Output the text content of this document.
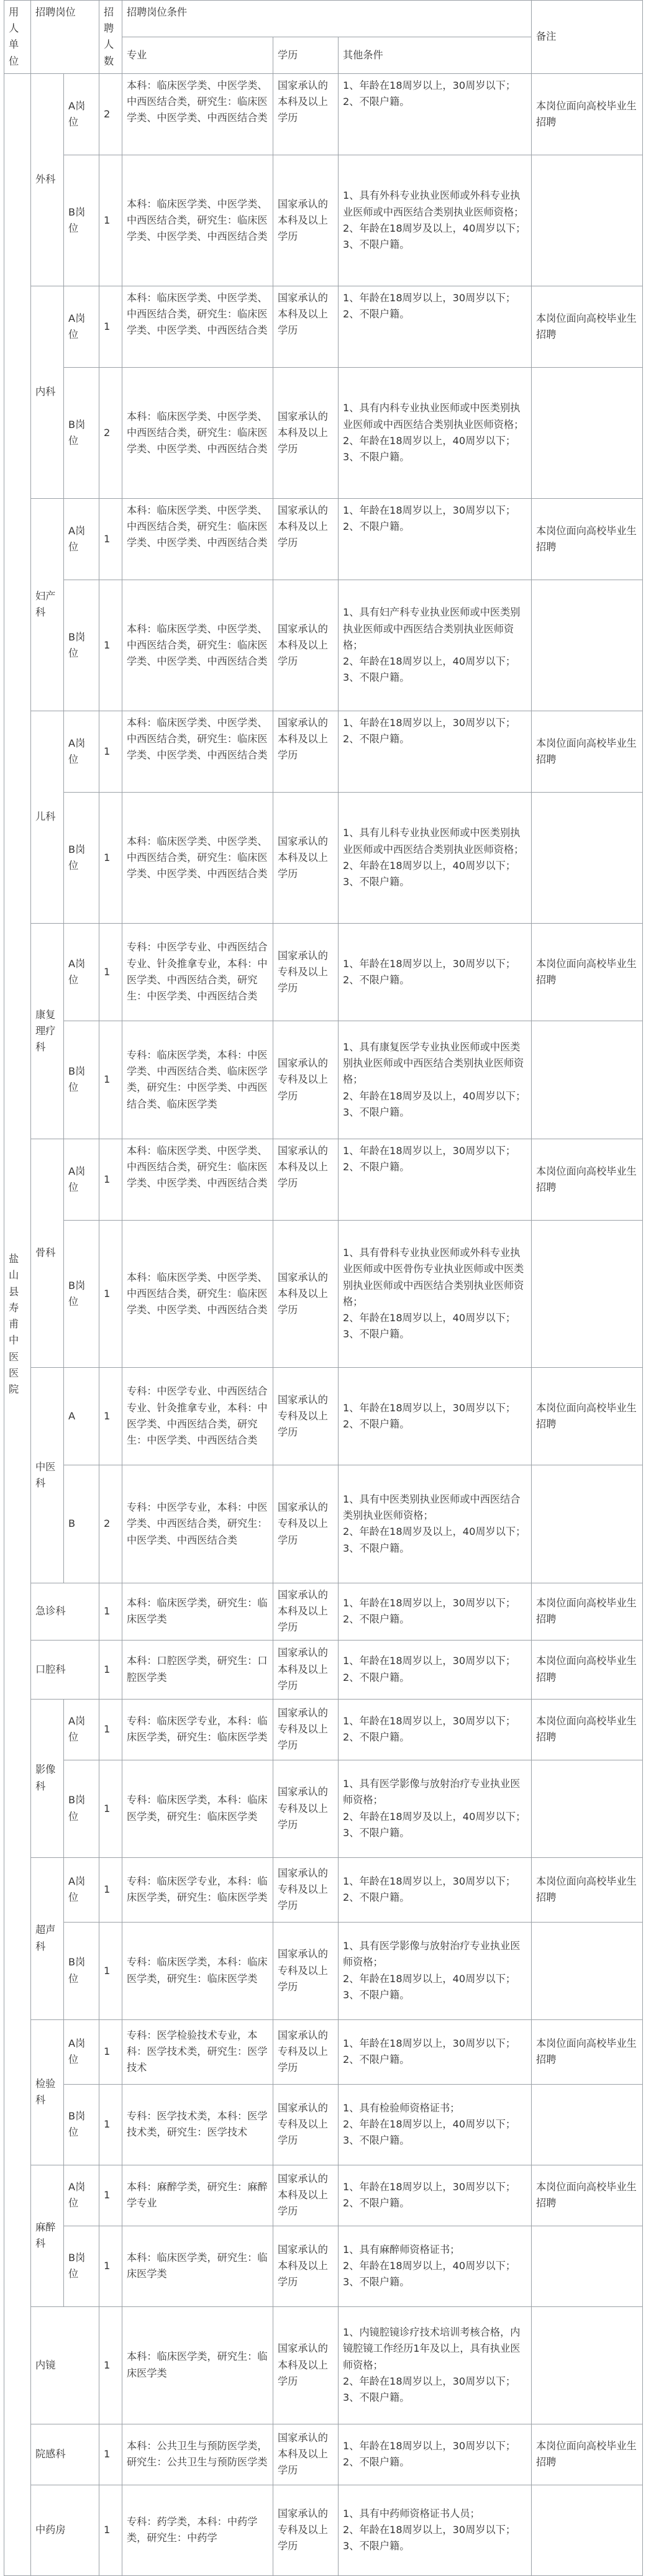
用人单位	招聘岗位		招聘人数	招聘岗位条件			备注
				专业	学历	其他条件	
盐山县寿甫中医医院	外科	A岗位	2	本科：临床医学类、中医学类、中西医结合类，研究生：临床医学类、中医学类、中西医结合类	国家承认的本科及以上学历	1、年龄在18周岁以上，30周岁以下；
2、不限户籍。	本岗位面向高校毕业生招聘
		B岗位	1	本科：临床医学类、中医学类、中西医结合类，研究生：临床医学类、中医学类、中西医结合类	国家承认的本科及以上学历	1、具有外科专业执业医师或外科专业执业医师或中西医结合类别执业医师资格；
2、年龄在18周岁及以上，40周岁以下；
3、不限户籍。	
	内科	A岗位	1	本科：临床医学类、中医学类、中西医结合类，研究生：临床医学类、中医学类、中西医结合类	国家承认的本科及以上学历	1、年龄在18周岁以上，30周岁以下；
2、不限户籍。	本岗位面向高校毕业生招聘
		B岗位	2	本科：临床医学类、中医学类、中西医结合类，研究生：临床医学类、中医学类、中西医结合类	国家承认的本科及以上学历	1、具有内科专业执业医师或中医类别执业医师或中西医结合类别执业医师资格；
2、年龄在18周岁以上，40周岁以下；
3、不限户籍。	
	妇产科	A岗位	1	本科：临床医学类、中医学类、中西医结合类，研究生：临床医学类、中医学类、中西医结合类	国家承认的本科及以上学历	1、年龄在18周岁以上，30周岁以下；
2、不限户籍。	本岗位面向高校毕业生招聘
		B岗位	1	本科：临床医学类、中医学类、中西医结合类，研究生：临床医学类、中医学类、中西医结合类	国家承认的本科及以上学历	1、具有妇产科专业执业医师或中医类别执业医师或中西医结合类别执业医师资格；
2、年龄在18周岁以上，40周岁以下；
3、不限户籍。	
	儿科	A岗位	1	本科：临床医学类、中医学类、中西医结合类，研究生：临床医学类、中医学类、中西医结合类	国家承认的本科及以上学历	1、年龄在18周岁以上，30周岁以下；
2、不限户籍。	本岗位面向高校毕业生招聘
		B岗位	1	本科：临床医学类、中医学类、中西医结合类，研究生：临床医学类、中医学类、中西医结合类	国家承认的本科及以上学历	1、具有儿科专业执业医师或中医类别执业医师或中西医结合类别执业医师资格；
2、年龄在18周岁以上，40周岁以下；
3、不限户籍。	
	康复理疗科	A岗位	1	专科：中医学专业、中西医结合专业、针灸推拿专业，本科：中医学类、中西医结合类，研究生：中医学类、中西医结合类	国家承认的专科及以上学历	1、年龄在18周岁以上，30周岁以下；
2、不限户籍。	本岗位面向高校毕业生招聘
		B岗位	1	专科：临床医学类，本科：中医学类、中西医结合类、临床医学类，研究生：中医学类、中西医结合类、临床医学类	国家承认的专科及以上学历	1、具有康复医学专业执业医师或中医类别执业医师或中西医结合类别执业医师资格；
2、年龄在18周岁及以上，40周岁以下；
3、不限户籍。	
	骨科	A岗位	1	本科：临床医学类、中医学类、中西医结合类，研究生：临床医学类、中医学类、中西医结合类	国家承认的本科及以上学历	1、年龄在18周岁以上，30周岁以下；
2、不限户籍。	本岗位面向高校毕业生招聘
		B岗位	1	本科：临床医学类、中医学类、中西医结合类，研究生：临床医学类、中医学类、中西医结合类	国家承认的本科及以上学历	1、具有骨科专业执业医师或外科专业执业医师或中医骨伤专业执业医师或中医类别执业医师或中西医结合类别执业医师资格；
2、年龄在18周岁以上，40周岁以下；
3、不限户籍。	
	中医科	A	1	专科：中医学专业、中西医结合专业、针灸推拿专业，本科：中医学类、中西医结合类，研究生：中医学类、中西医结合类	国家承认的专科及以上学历	1、年龄在18周岁以上，30周岁以下；
2、不限户籍。	本岗位面向高校毕业生招聘
		B	2	专科：中医学专业，本科：中医学类、中西医结合类，研究生：中医学类、中西医结合类	国家承认的专科及以上学历	1、具有中医类别执业医师或中西医结合类别执业医师资格；
2、年龄在18周岁及以上，40周岁以下；
3、不限户籍。	
	急诊科		1	本科：临床医学类，研究生：临床医学类	国家承认的本科及以上学历	1、年龄在18周岁以上，30周岁以下；
2、不限户籍。	本岗位面向高校毕业生招聘
	口腔科		1	本科：口腔医学类，研究生：口腔医学类	国家承认的本科及以上学历	1、年龄在18周岁以上，30周岁以下；
2、不限户籍。	本岗位面向高校毕业生招聘
	影像科	A岗位	1	专科：临床医学专业，本科：临床医学类，研究生：临床医学类	国家承认的专科及以上学历	1、年龄在18周岁以上，30周岁以下；
2、不限户籍。	本岗位面向高校毕业生招聘
		B岗位	1	专科：临床医学类，本科：临床医学类，研究生：临床医学类	国家承认的专科及以上学历	1、具有医学影像与放射治疗专业执业医师资格；
2、年龄在18周岁及以上，40周岁以下；
3、不限户籍。	
	超声科	A岗位	1	专科：临床医学专业，本科：临床医学类，研究生：临床医学类	国家承认的专科及以上学历	1、年龄在18周岁以上，30周岁以下；
2、不限户籍。	本岗位面向高校毕业生招聘
		B岗位	1	专科：临床医学类，本科：临床医学类，研究生：临床医学类	国家承认的专科及以上学历	1、具有医学影像与放射治疗专业执业医师资格；
2、年龄在18周岁以上，40周岁以下；
3、不限户籍。	
	检验科	A岗位	1	专科：医学检验技术专业，本科：医学技术类，研究生：医学技术	国家承认的专科及以上学历	1、年龄在18周岁以上，30周岁以下；
2、不限户籍。	本岗位面向高校毕业生招聘
		B岗位	1	专科：医学技术类，本科：医学技术类，研究生：医学技术	国家承认的专科及以上学历	1、具有检验师资格证书；
2、年龄在18周岁以上，40周岁以下；
3、不限户籍。	
	麻醉科	A岗位	1	本科：麻醉学类，研究生：麻醉学专业	国家承认的本科及以上学历	1、年龄在18周岁以上，30周岁以下；
2、不限户籍。	本岗位面向高校毕业生招聘
		B岗位	1	本科：临床医学类，研究生：临床医学类	国家承认的本科及以上学历	1、具有麻醉师资格证书；
2、年龄在18周岁以上，40周岁以下；
3、不限户籍。	
	内镜		1	本科：临床医学类，研究生：临床医学类	国家承认的本科及以上学历	1、内镜腔镜诊疗技术培训考核合格，内镜腔镜工作经历1年及以上，具有执业医师资格；
2、年龄在18周岁以上，30周岁以下；
3、不限户籍。	
	院感科		1	本科：公共卫生与预防医学类，研究生：公共卫生与预防医学类	国家承认的本科及以上学历	1、年龄在18周岁以上，30周岁以下；
2、不限户籍。	本岗位面向高校毕业生招聘
	中药房		1	专科：药学类，本科：中药学类，研究生：中药学	国家承认的专科及以上学历	1、具有中药师资格证书人员；
2、年龄在18周岁以上，30周岁以下；
3、不限户籍。	
